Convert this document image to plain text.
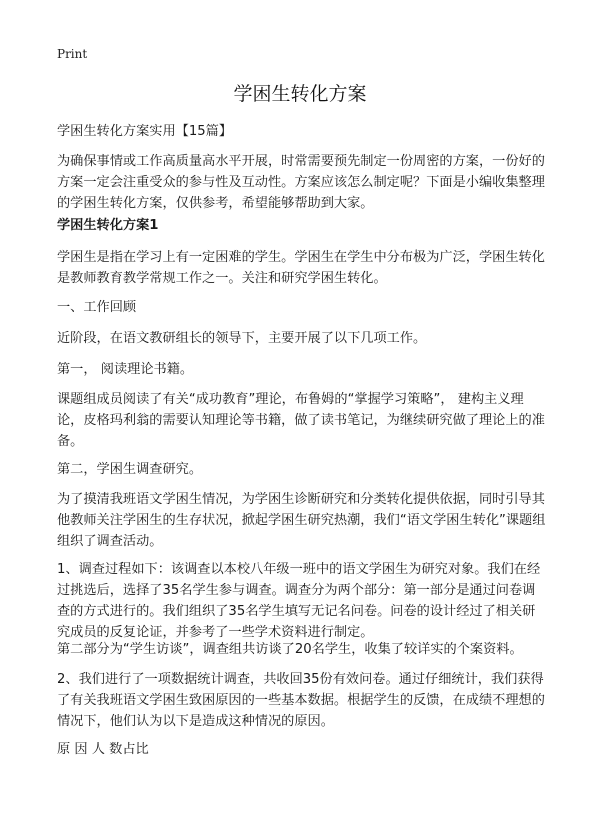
Print
学困生转化方案

学困生转化方案实用【15篇】

为确保事情或工作高质量高水平开展，时常需要预先制定一份周密的方案，一份好的方案一定会注重受众的参与性及互动性。方案应该怎么制定呢？下面是小编收集整理的学困生转化方案，仅供参考，希望能够帮助到大家。

学困生转化方案1

学困生是指在学习上有一定困难的学生。学困生在学生中分布极为广泛，学困生转化是教师教育教学常规工作之一。关注和研究学困生转化。

一、工作回顾

近阶段，在语文教研组长的领导下，主要开展了以下几项工作。

第一， 阅读理论书籍。

课题组成员阅读了有关“成功教育”理论，布鲁姆的“掌握学习策略”， 建构主义理论，皮格玛利翁的需要认知理论等书籍，做了读书笔记，为继续研究做了理论上的准备。

第二，学困生调查研究。

为了摸清我班语文学困生情况，为学困生诊断研究和分类转化提供依据，同时引导其他教师关注学困生的生存状况，掀起学困生研究热潮，我们“语文学困生转化”课题组组织了调查活动。

1、调查过程如下：该调查以本校八年级一班中的语文学困生为研究对象。我们在经过挑选后，选择了35名学生参与调查。调查分为两个部分：第一部分是通过问卷调查的方式进行的。我们组织了35名学生填写无记名问卷。问卷的设计经过了相关研究成员的反复论证，并参考了一些学术资料进行制定。

第二部分为“学生访谈”，调查组共访谈了20名学生，收集了较详实的个案资料。

2、我们进行了一项数据统计调查，共收回35份有效问卷。通过仔细统计，我们获得了有关我班语文学困生致困原因的一些基本数据。根据学生的反馈，在成绩不理想的情况下，他们认为以下是造成这种情况的原因。

原 因 人 数占比
